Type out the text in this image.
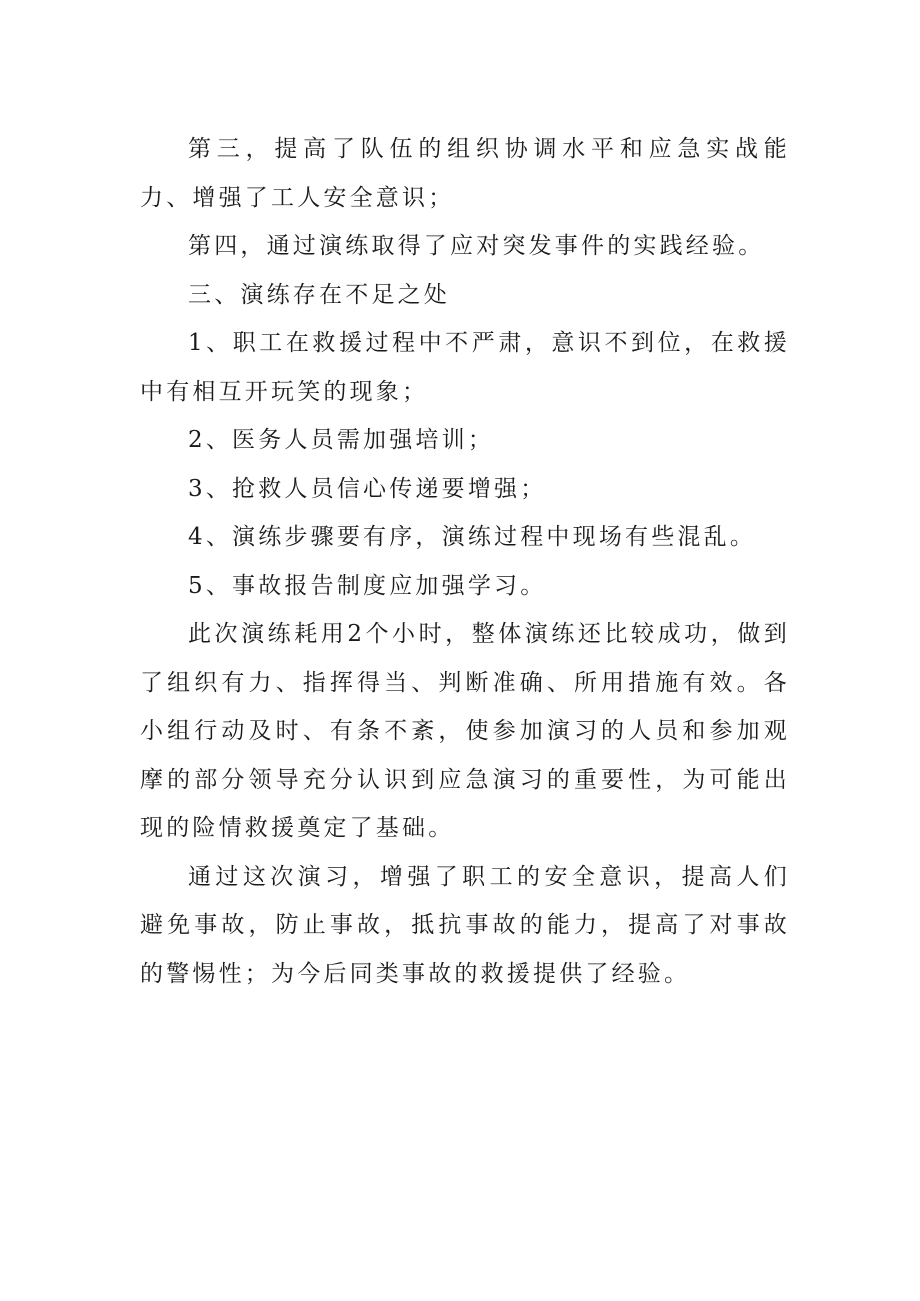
第三，提高了队伍的组织协调水平和应急实战能力、增强了工人安全意识；

第四，通过演练取得了应对突发事件的实践经验。

三、演练存在不足之处

1、职工在救援过程中不严肃，意识不到位，在救援中有相互开玩笑的现象；

2、医务人员需加强培训；

3、抢救人员信心传递要增强；

4、演练步骤要有序，演练过程中现场有些混乱。

5、事故报告制度应加强学习。

此次演练耗用2个小时，整体演练还比较成功，做到了组织有力、指挥得当、判断准确、所用措施有效。各小组行动及时、有条不紊，使参加演习的人员和参加观摩的部分领导充分认识到应急演习的重要性，为可能出现的险情救援奠定了基础。

通过这次演习，增强了职工的安全意识，提高人们避免事故，防止事故，抵抗事故的能力，提高了对事故的警惕性；为今后同类事故的救援提供了经验。
